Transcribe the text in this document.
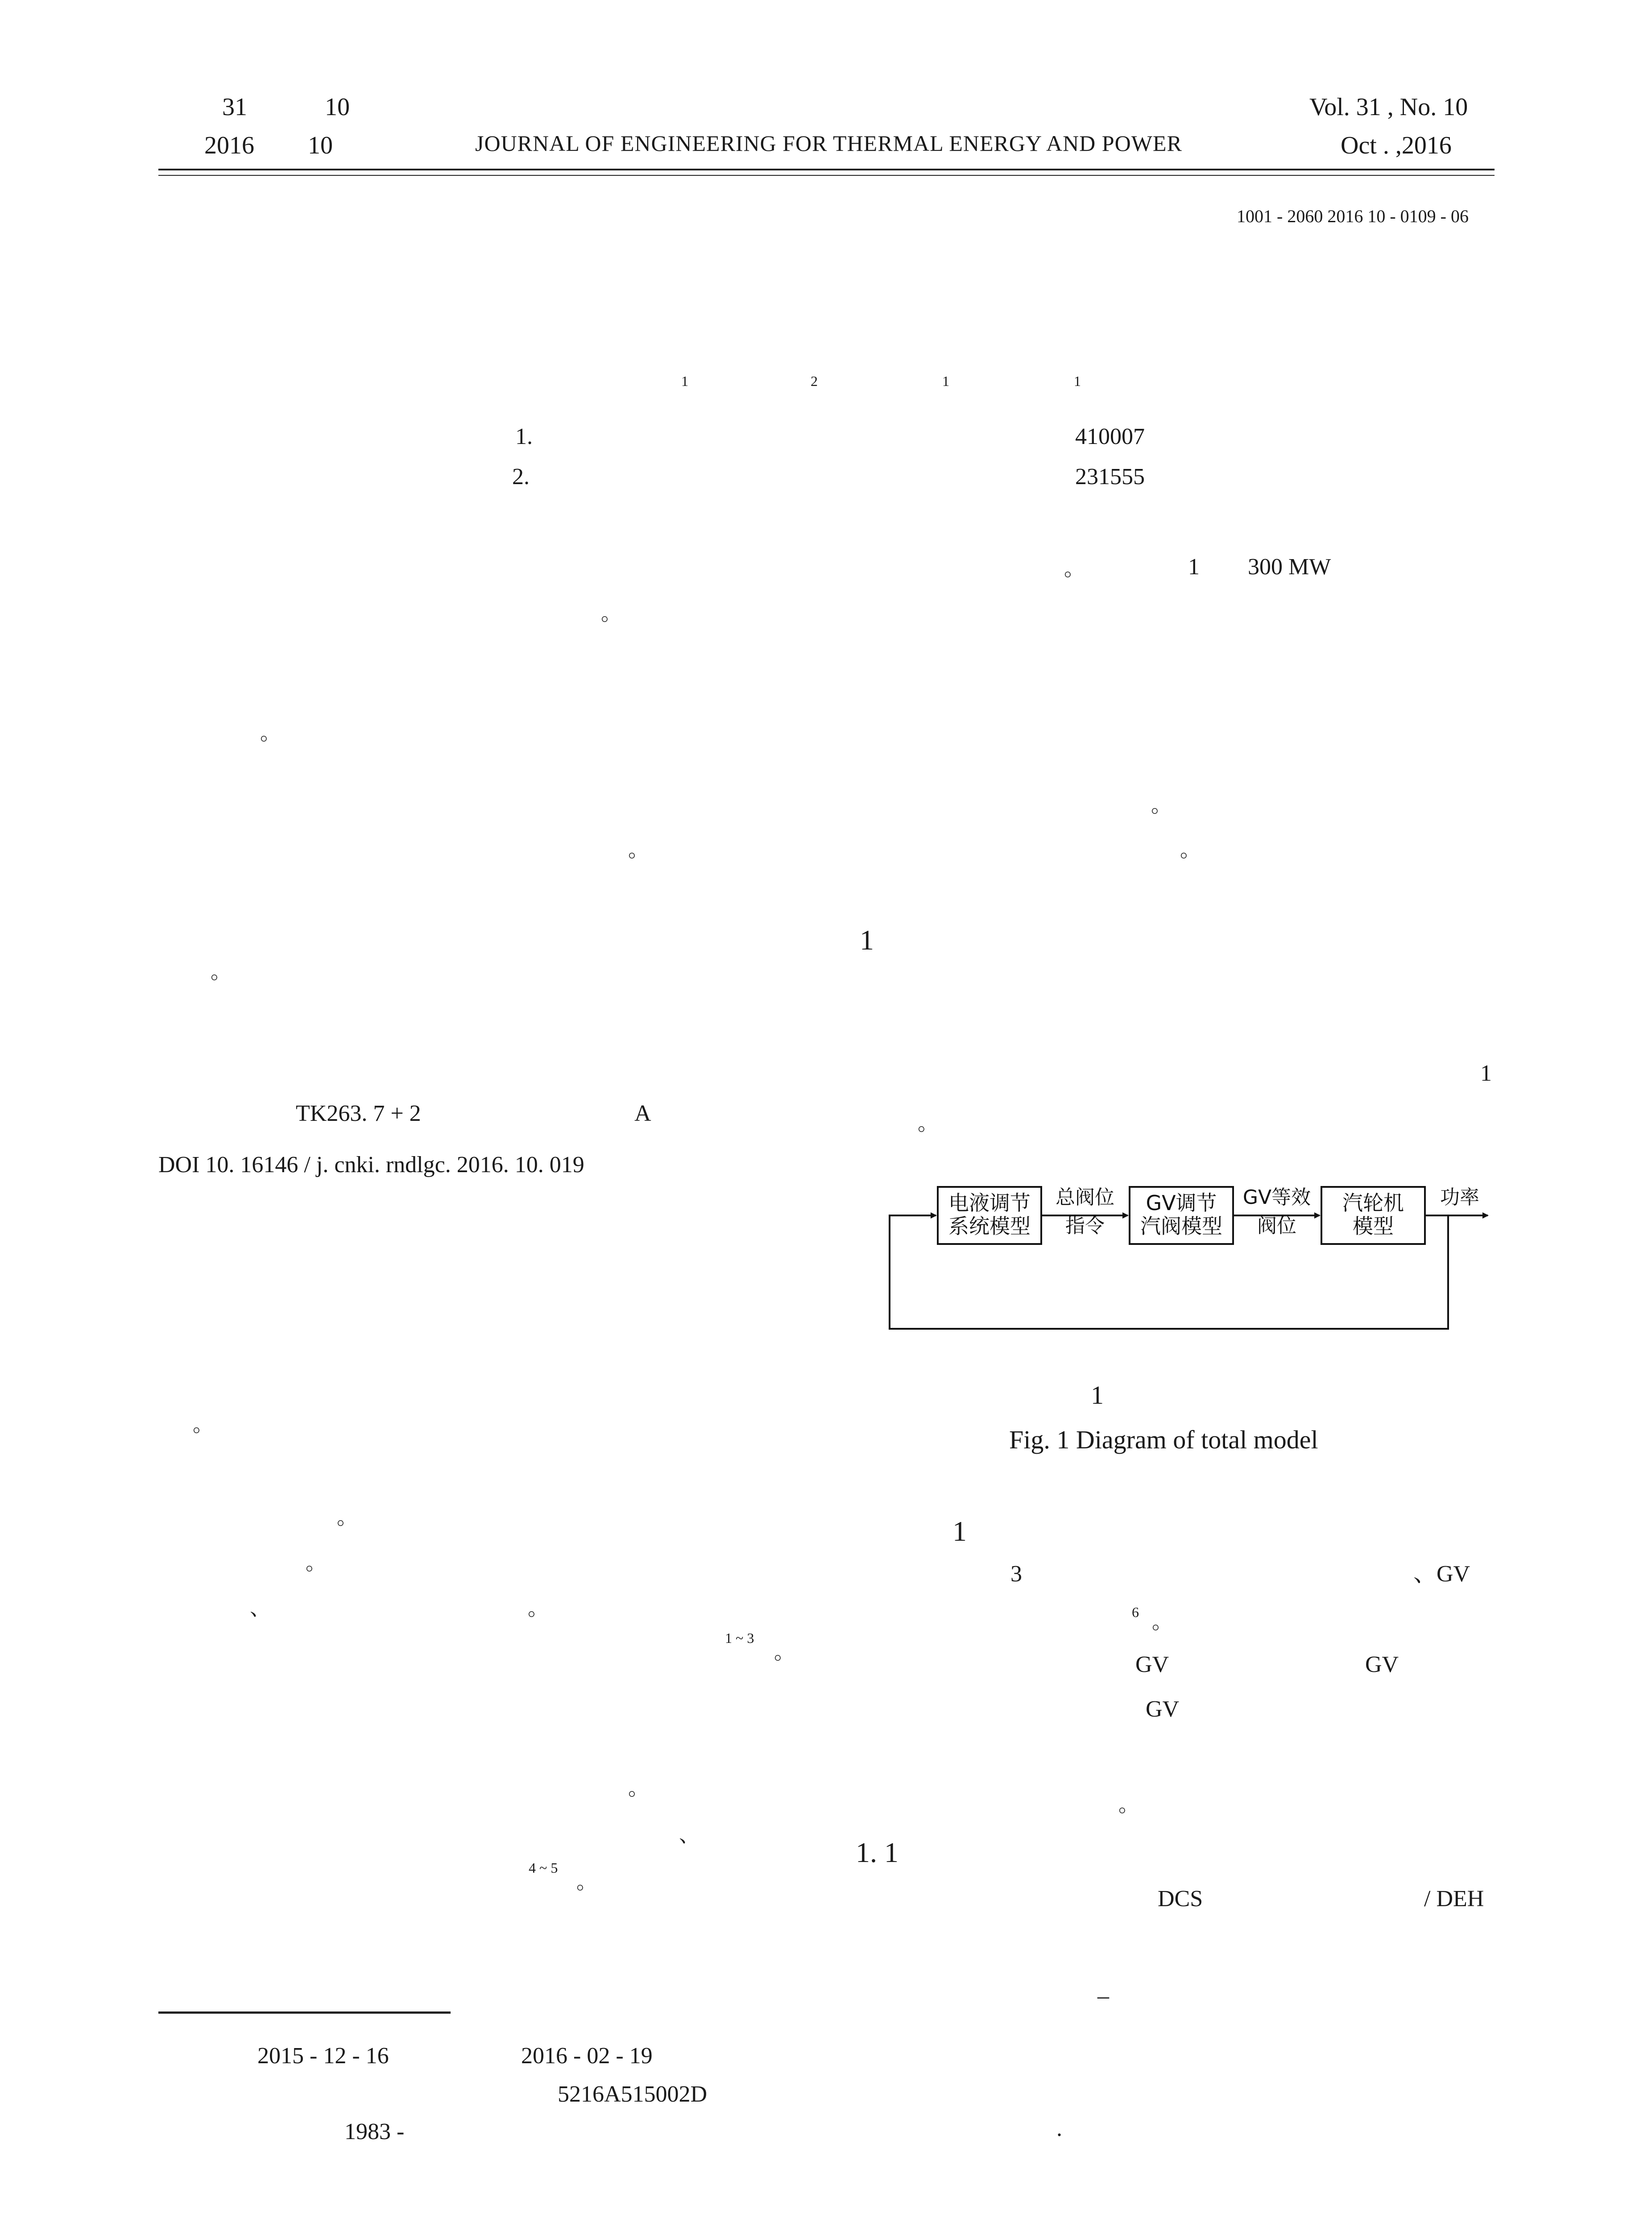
31	10
2016 10	JOURNAL OF ENGINEERING FOR THERMAL ENERGY AND POWER
Vol. 31 , No. 10
Oct . ,2016
1001 - 2060 2016 10 - 0109 - 06
1	2	1	1
1.	410007
2.	231555
。
。
。
。
TK263. 7 + 2	A
DOI 10. 16146 / j. cnki. rndlgc. 2016. 10. 019
。
。
。
、	。
1 ~ 3
。
。
、
4 ~ 5
。
2015 - 12 - 16	2016 - 02 - 19
5216A515002D
1983 -
。	1 300 MW
。
。
1
1
。
电液调节
系统模型
GV调节
汽阀模型
汽轮机
模型
总阀位
指令
GV等效
阀位
功率
1
Fig. 1 Diagram of total model
1
3	、GV
6 。
GV	GV
GV
。
1. 1
DCS	/ DEH
–
.
